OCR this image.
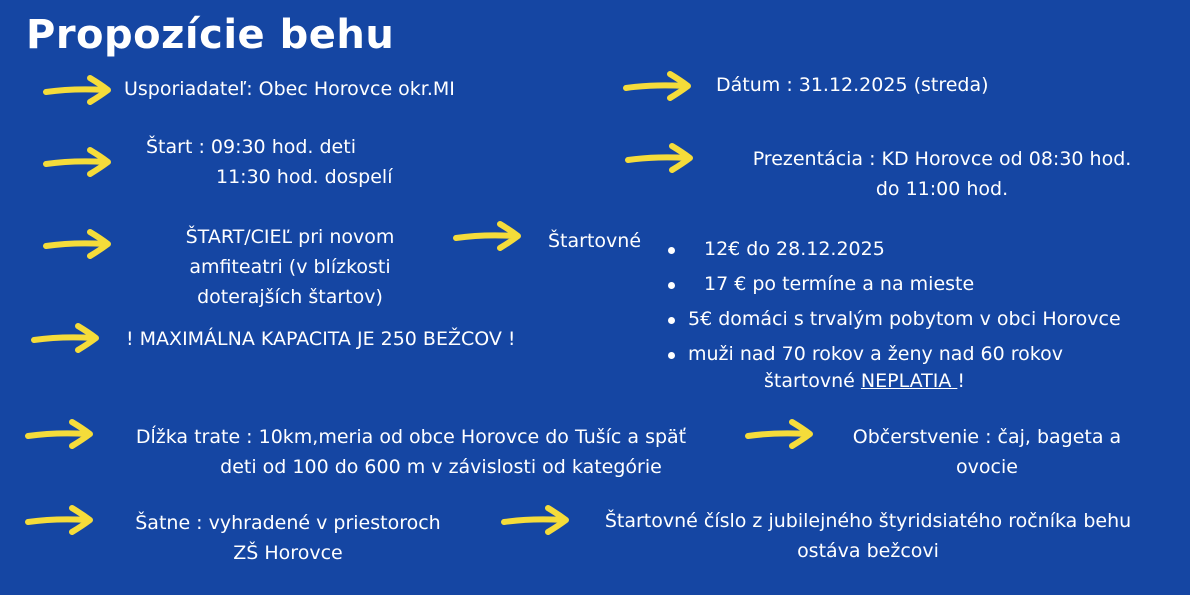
Propozície behu
Usporiadateľ: Obec Horovce okr.MI	Dátum : 31.12.2025 (streda)
Štart : 09:30 hod. deti
11:30 hod. dospelí
Prezentácia : KD Horovce od 08:30 hod.
do 11:00 hod.
ŠTART/CIEĽ pri novom
amfiteatri (v blízkosti
doterajších štartov)
Štartovné	12€ do 28.12.2025
17 € po termíne a na mieste
5€ domáci s trvalým pobytom v obci Horovce
muži nad 70 rokov a ženy nad 60 rokov
štartovné NEPLATIA !
! MAXIMÁLNA KAPACITA JE 250 BEŽCOV !
Dĺžka trate : 10km,meria od obce Horovce do Tušíc a späť
deti od 100 do 600 m v závislosti od kategórie
Občerstvenie : čaj, bageta a
ovocie
Šatne : vyhradené v priestoroch
ZŠ Horovce
Štartovné číslo z jubilejného štyridsiatého ročníka behu
ostáva bežcovi
